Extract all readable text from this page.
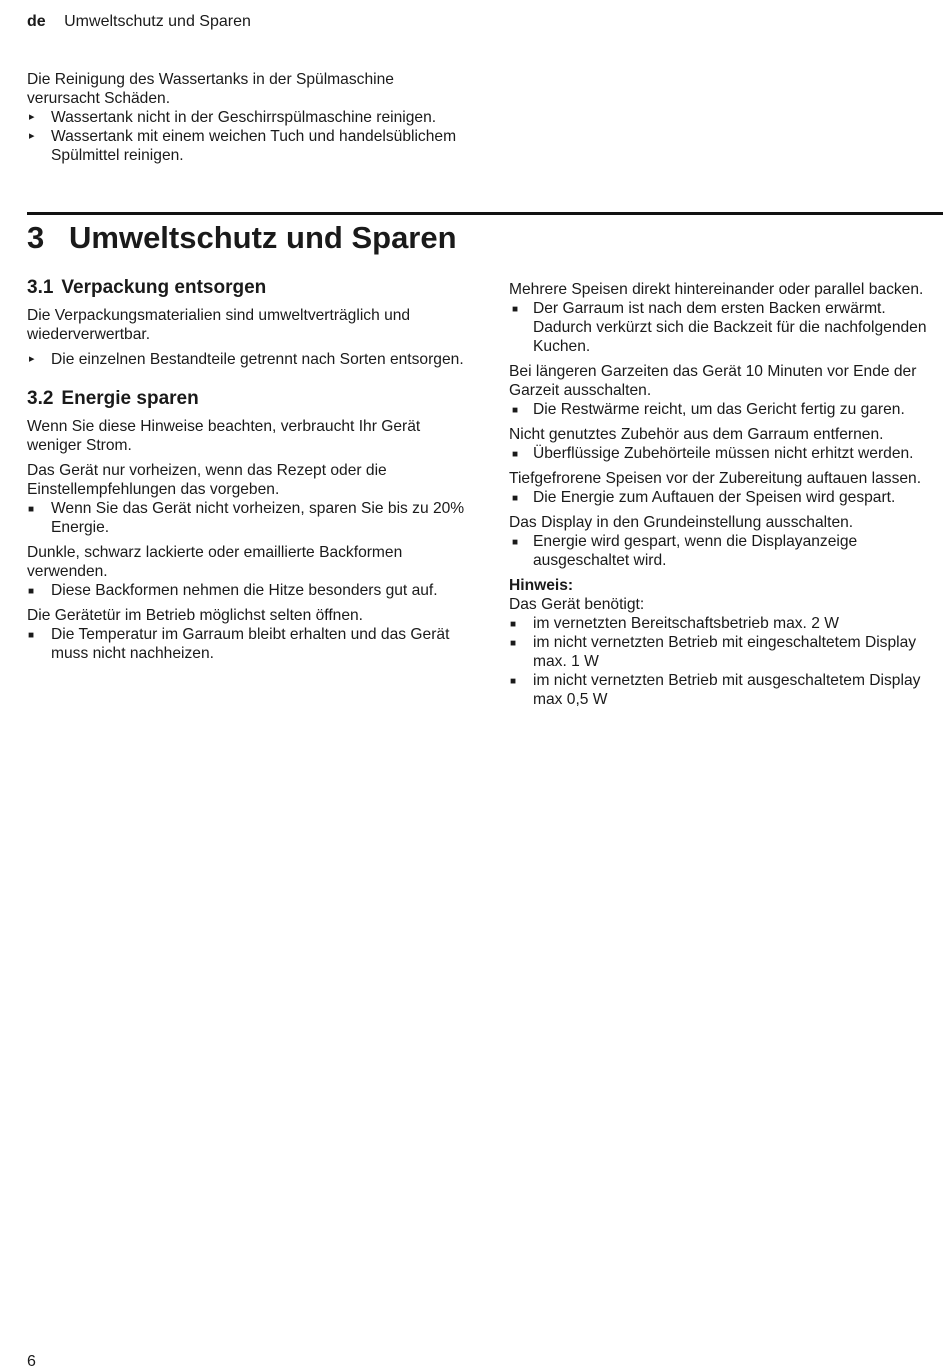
de Umweltschutz und Sparen

Die Reinigung des Wassertanks in der Spülmaschine verursacht Schäden.

▸ Wassertank nicht in der Geschirrspülmaschine reinigen.
▸ Wassertank mit einem weichen Tuch und handelsüblichem Spülmittel reinigen.
3 Umweltschutz und Sparen
3.1 Verpackung entsorgen

Die Verpackungsmaterialien sind umweltverträglich und wiederverwertbar.

▸ Die einzelnen Bestandteile getrennt nach Sorten entsorgen.
3.2 Energie sparen

Wenn Sie diese Hinweise beachten, verbraucht Ihr Gerät weniger Strom.

Das Gerät nur vorheizen, wenn das Rezept oder die Einstellempfehlungen das vorgeben.

■ Wenn Sie das Gerät nicht vorheizen, sparen Sie bis zu 20% Energie.

Dunkle, schwarz lackierte oder emaillierte Backformen verwenden.

■ Diese Backformen nehmen die Hitze besonders gut auf.

Die Gerätetür im Betrieb möglichst selten öffnen.

■ Die Temperatur im Garraum bleibt erhalten und das Gerät muss nicht nachheizen.

Mehrere Speisen direkt hintereinander oder parallel backen.

■ Der Garraum ist nach dem ersten Backen erwärmt. Dadurch verkürzt sich die Backzeit für die nachfolgenden Kuchen.

Bei längeren Garzeiten das Gerät 10 Minuten vor Ende der Garzeit ausschalten.

■ Die Restwärme reicht, um das Gericht fertig zu garen.

Nicht genutztes Zubehör aus dem Garraum entfernen.

■ Überflüssige Zubehörteile müssen nicht erhitzt werden.

Tiefgefrorene Speisen vor der Zubereitung auftauen lassen.

■ Die Energie zum Auftauen der Speisen wird gespart.

Das Display in den Grundeinstellung ausschalten.

■ Energie wird gespart, wenn die Displayanzeige ausgeschaltet wird.

Hinweis:

Das Gerät benötigt:

■ im vernetzten Bereitschaftsbetrieb max. 2 W
■ im nicht vernetzten Betrieb mit eingeschaltetem Display max. 1 W
■ im nicht vernetzten Betrieb mit ausgeschaltetem Display max 0,5 W
6
